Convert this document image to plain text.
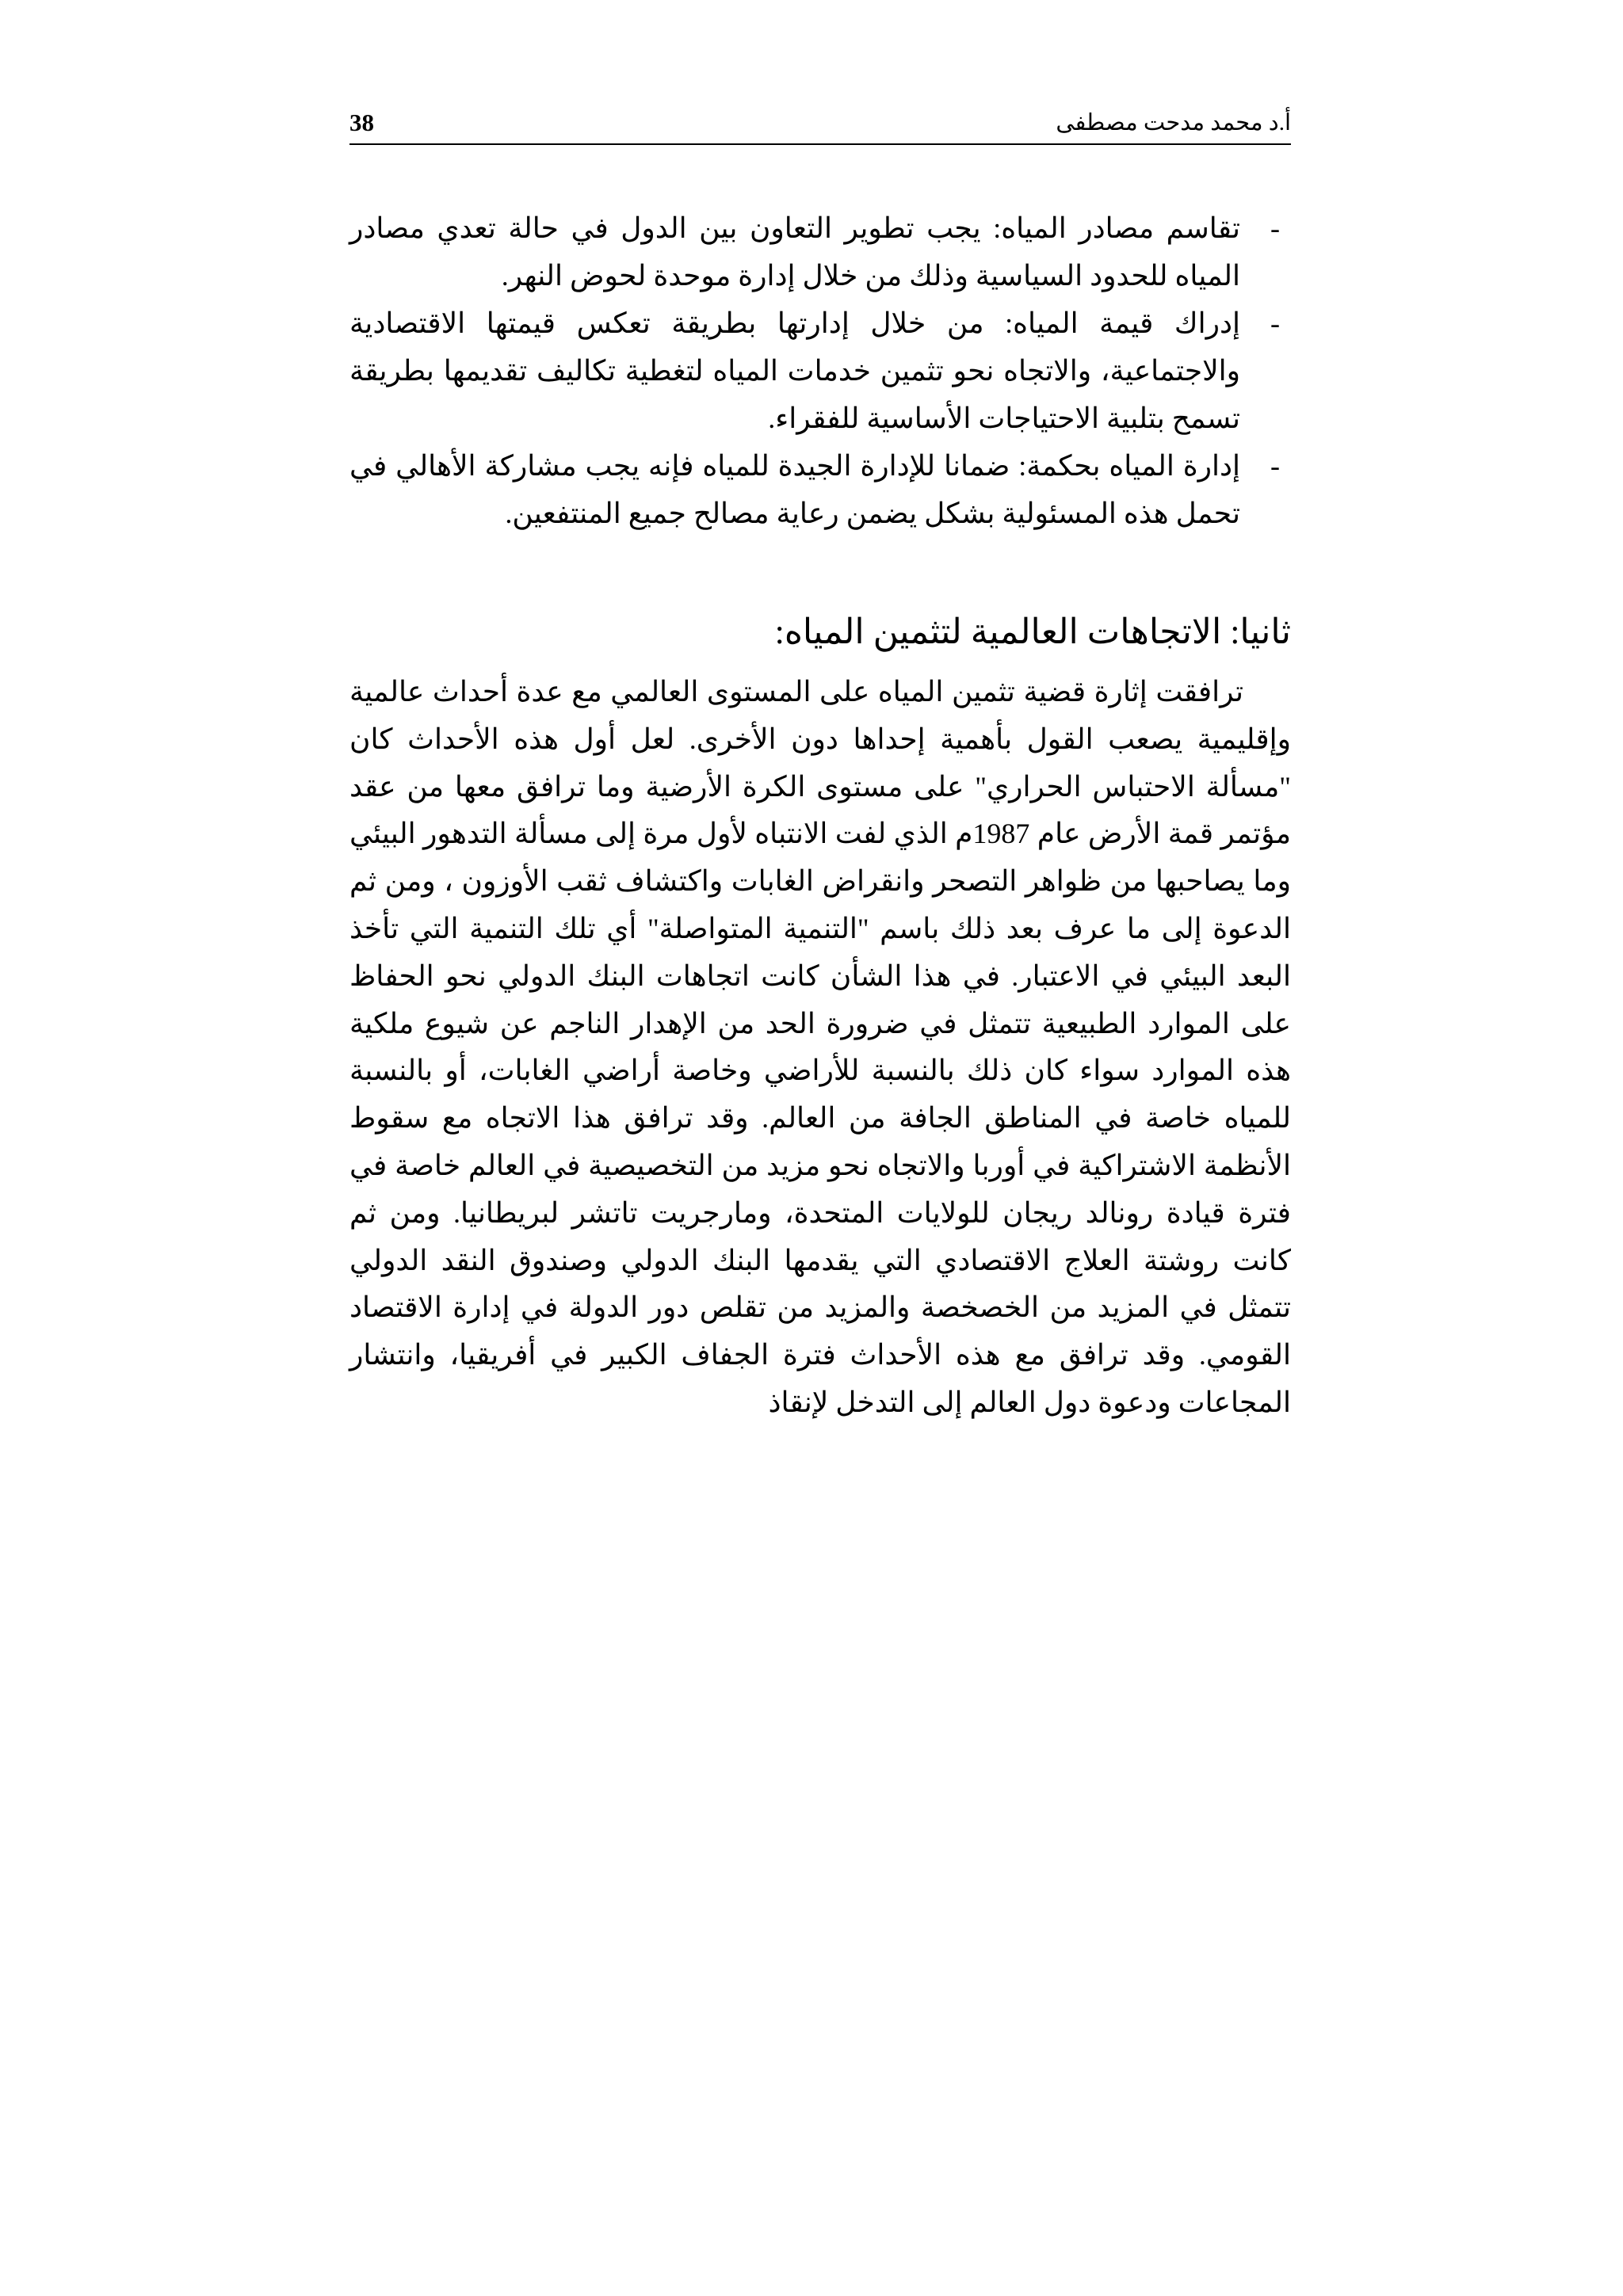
38	أ.د محمد مدحت مصطفى
-
تقاسم مصادر المياه: يجب تطوير التعاون بين الدول في حالة تعدي مصادر المياه للحدود السياسية وذلك من خلال إدارة موحدة لحوض النهر.
-
إدراك قيمة المياه: من خلال إدارتها بطريقة تعكس قيمتها الاقتصادية والاجتماعية، والاتجاه نحو تثمين خدمات المياه لتغطية تكاليف تقديمها بطريقة تسمح بتلبية الاحتياجات الأساسية للفقراء.
-
إدارة المياه بحكمة: ضمانا للإدارة الجيدة للمياه فإنه يجب مشاركة الأهالي في تحمل هذه المسئولية بشكل يضمن رعاية مصالح جميع المنتفعين.
ثانيا: الاتجاهات العالمية لتثمين المياه:

ترافقت إثارة قضية تثمين المياه على المستوى العالمي مع عدة أحداث عالمية وإقليمية يصعب القول بأهمية إحداها دون الأخرى. لعل أول هذه الأحداث كان "مسألة الاحتباس الحراري" على مستوى الكرة الأرضية وما ترافق معها من عقد مؤتمر قمة الأرض عام 1987م الذي لفت الانتباه لأول مرة إلى مسألة التدهور البيئي وما يصاحبها من ظواهر التصحر وانقراض الغابات واكتشاف ثقب الأوزون ، ومن ثم الدعوة إلى ما عرف بعد ذلك باسم "التنمية المتواصلة" أي تلك التنمية التي تأخذ البعد البيئي في الاعتبار. في هذا الشأن كانت اتجاهات البنك الدولي نحو الحفاظ على الموارد الطبيعية تتمثل في ضرورة الحد من الإهدار الناجم عن شيوع ملكية هذه الموارد سواء كان ذلك بالنسبة للأراضي وخاصة أراضي الغابات، أو بالنسبة للمياه خاصة في المناطق الجافة من العالم. وقد ترافق هذا الاتجاه مع سقوط الأنظمة الاشتراكية في أوربا والاتجاه نحو مزيد من التخصيصية في العالم خاصة في فترة قيادة رونالد ريجان للولايات المتحدة، ومارجريت تاتشر لبريطانيا. ومن ثم كانت روشتة العلاج الاقتصادي التي يقدمها البنك الدولي وصندوق النقد الدولي تتمثل في المزيد من الخصخصة والمزيد من تقلص دور الدولة في إدارة الاقتصاد القومي. وقد ترافق مع هذه الأحداث فترة الجفاف الكبير في أفريقيا، وانتشار المجاعات ودعوة دول العالم إلى التدخل لإنقاذ
